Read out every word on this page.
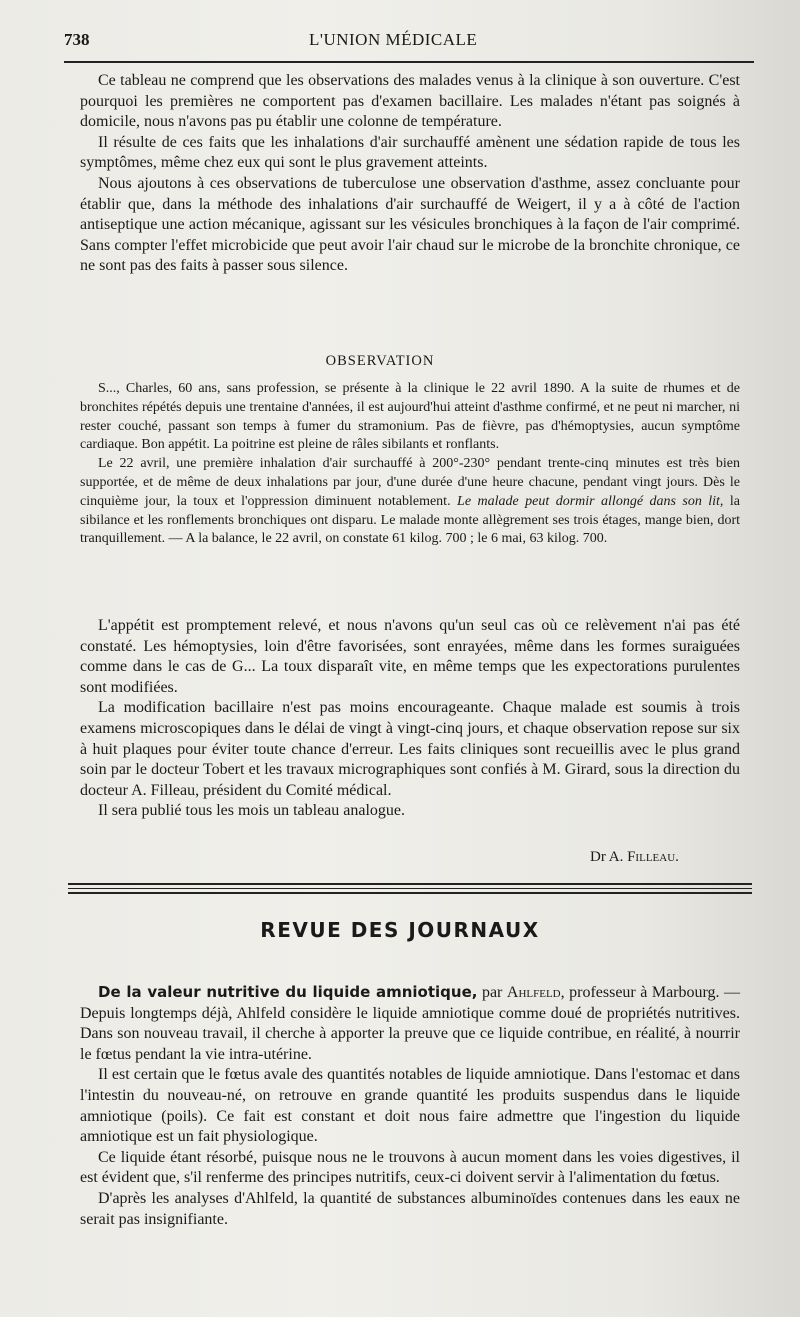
738	L'UNION MÉDICALE

Ce tableau ne comprend que les observations des malades venus à la clinique à son ouverture. C'est pourquoi les premières ne comportent pas d'examen bacillaire. Les malades n'étant pas soignés à domicile, nous n'avons pas pu établir une colonne de température.

Il résulte de ces faits que les inhalations d'air surchauffé amènent une sédation rapide de tous les symptômes, même chez eux qui sont le plus gravement atteints.

Nous ajoutons à ces observations de tuberculose une observation d'asthme, assez concluante pour établir que, dans la méthode des inhalations d'air surchauffé de Weigert, il y a à côté de l'action antiseptique une action mécanique, agissant sur les vésicules bronchiques à la façon de l'air comprimé. Sans compter l'effet microbicide que peut avoir l'air chaud sur le microbe de la bronchite chronique, ce ne sont pas des faits à passer sous silence.

OBSERVATION

S..., Charles, 60 ans, sans profession, se présente à la clinique le 22 avril 1890. A la suite de rhumes et de bronchites répétés depuis une trentaine d'années, il est aujourd'hui atteint d'asthme confirmé, et ne peut ni marcher, ni rester couché, passant son temps à fumer du stramonium. Pas de fièvre, pas d'hémoptysies, aucun symptôme cardiaque. Bon appétit. La poitrine est pleine de râles sibilants et ronflants.

Le 22 avril, une première inhalation d'air surchauffé à 200°-230° pendant trente-cinq minutes est très bien supportée, et de même de deux inhalations par jour, d'une durée d'une heure chacune, pendant vingt jours. Dès le cinquième jour, la toux et l'oppression diminuent notablement. Le malade peut dormir allongé dans son lit, la sibilance et les ronflements bronchiques ont disparu. Le malade monte allègrement ses trois étages, mange bien, dort tranquillement. — A la balance, le 22 avril, on constate 61 kilog. 700 ; le 6 mai, 63 kilog. 700.

L'appétit est promptement relevé, et nous n'avons qu'un seul cas où ce relèvement n'ai pas été constaté. Les hémoptysies, loin d'être favorisées, sont enrayées, même dans les formes suraiguées comme dans le cas de G... La toux disparaît vite, en même temps que les expectorations purulentes sont modifiées.

La modification bacillaire n'est pas moins encourageante. Chaque malade est soumis à trois examens microscopiques dans le délai de vingt à vingt-cinq jours, et chaque observation repose sur six à huit plaques pour éviter toute chance d'erreur. Les faits cliniques sont recueillis avec le plus grand soin par le docteur Tobert et les travaux micrographiques sont confiés à M. Girard, sous la direction du docteur A. Filleau, président du Comité médical.

Il sera publié tous les mois un tableau analogue.

Dr A. Filleau.
REVUE DES JOURNAUX

De la valeur nutritive du liquide amniotique, par Ahlfeld, professeur à Marbourg. — Depuis longtemps déjà, Ahlfeld considère le liquide amniotique comme doué de propriétés nutritives. Dans son nouveau travail, il cherche à apporter la preuve que ce liquide contribue, en réalité, à nourrir le fœtus pendant la vie intra-utérine.

Il est certain que le fœtus avale des quantités notables de liquide amniotique. Dans l'estomac et dans l'intestin du nouveau-né, on retrouve en grande quantité les produits suspendus dans le liquide amniotique (poils). Ce fait est constant et doit nous faire admettre que l'ingestion du liquide amniotique est un fait physiologique.

Ce liquide étant résorbé, puisque nous ne le trouvons à aucun moment dans les voies digestives, il est évident que, s'il renferme des principes nutritifs, ceux-ci doivent servir à l'alimentation du fœtus.

D'après les analyses d'Ahlfeld, la quantité de substances albuminoïdes contenues dans les eaux ne serait pas insignifiante.
